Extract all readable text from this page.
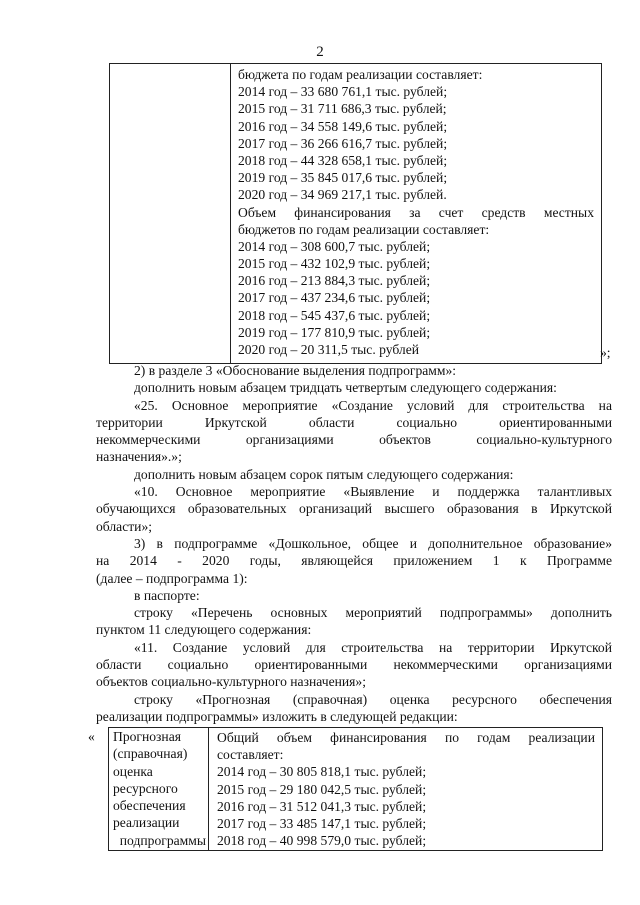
2
бюджета по годам реализации составляет:
2014 год – 33 680 761,1 тыс. рублей;
2015 год – 31 711 686,3 тыс. рублей;
2016 год – 34 558 149,6 тыс. рублей;
2017 год – 36 266 616,7 тыс. рублей;
2018 год – 44 328 658,1 тыс. рублей;
2019 год – 35 845 017,6 тыс. рублей;
2020 год – 34 969 217,1 тыс. рублей.
Объем финансирования за счет средств местных
бюджетов по годам реализации составляет:
2014 год – 308 600,7 тыс. рублей;
2015 год – 432 102,9 тыс. рублей;
2016 год – 213 884,3 тыс. рублей;
2017 год – 437 234,6 тыс. рублей;
2018 год – 545 437,6 тыс. рублей;
2019 год – 177 810,9 тыс. рублей;
2020 год – 20 311,5 тыс. рублей	»;
2) в разделе 3 «Обоснование выделения подпрограмм»:
дополнить новым абзацем тридцать четвертым следующего содержания:
«25. Основное мероприятие «Создание условий для строительства на
территории Иркутской области социально ориентированными
некоммерческими организациями объектов социально-культурного
назначения».»;
дополнить новым абзацем сорок пятым следующего содержания:
«10. Основное мероприятие «Выявление и поддержка талантливых
обучающихся образовательных организаций высшего образования в Иркутской
области»;
3) в подпрограмме «Дошкольное, общее и дополнительное образование»
на 2014 - 2020 годы, являющейся приложением 1 к Программе
(далее – подпрограмма 1):
в паспорте:
строку «Перечень основных мероприятий подпрограммы» дополнить
пунктом 11 следующего содержания:
«11. Создание условий для строительства на территории Иркутской
области социально ориентированными некоммерческими организациями
объектов социально-культурного назначения»;
строку «Прогнозная (справочная) оценка ресурсного обеспечения
реализации подпрограммы» изложить в следующей редакции:
« Прогнозная
(справочная)
оценка
ресурсного
обеспечения
реализации
подпрограммы
Общий объем финансирования по годам реализации
составляет:
2014 год – 30 805 818,1 тыс. рублей;
2015 год – 29 180 042,5 тыс. рублей;
2016 год – 31 512 041,3 тыс. рублей;
2017 год – 33 485 147,1 тыс. рублей;
2018 год – 40 998 579,0 тыс. рублей;
